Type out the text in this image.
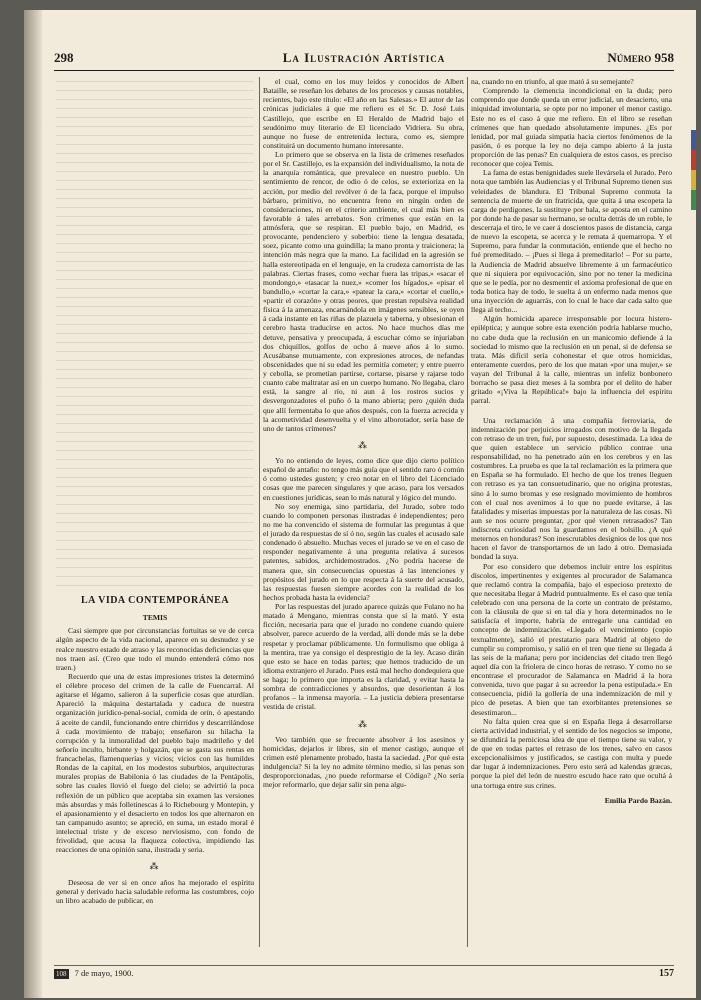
298	La Ilustración Artística	Número 958
LA VIDA CONTEMPORÁNEA
TEMIS

Casi siempre que por circunstancias fortuitas se ve de cerca algún aspecto de la vida nacional, aparece en su desnudez y se realce nuestro estado de atraso y las reconocidas deficiencias que nos traen así. (Creo que todo el mundo entenderá cómo nos traen.)

Recuerdo que una de estas impresiones tristes la determinó el célebre proceso del crimen de la calle de Fuencarral. Al agitarse el légamo, salieron á la superficie cosas que aturdían. Apareció la máquina destartalada y caduca de nuestra organización jurídico-penal-social, comida de orín, ó apestando á aceite de candil, funcionando entre chirridos y descarrilándose á cada movimiento de trabajo; enseñaron su hilacha la corrupción y la inmoralidad del pueblo bajo madrileño y del señorío inculto, birbante y holgazán, que se gasta sus rentas en francachelas, flamenquerías y vicios; vicios con las humildes Rondas de la capital, en los modestos suburbios, arquitecturas murales propias de Babilonia ó las ciudades de la Pentápolis, sobre las cuales llovió el fuego del cielo; se advirtió la poca reflexión de un público que aceptaba sin examen las versiones más absurdas y más folletinescas á lo Richebourg y Montepin, y el apasionamiento y el desacierto en todos los que alternaron en tan campanudo asunto; se apreció, en suma, un estado moral é intelectual triste y de exceso nerviosismo, con fondo de frivolidad, que acusa la flaqueza colectiva, impidiendo las reacciones de una opinión sana, ilustrada y seria.

⁂

Deseosa de ver si en once años ha mejorado el espíritu general y derivado hacia saludable reforma las costumbres, cojo un libro acabado de publicar, en

el cual, como en los muy leídos y conocidos de Albert Bataille, se reseñan los debates de los procesos y causas notables, recientes, bajo este título: «El año en las Salesas.» El autor de las crónicas judiciales á que me refiero es el Sr. D. José Luis Castillejo, que escribe en El Heraldo de Madrid bajo el seudónimo muy literario de El licenciado Vidriera. Su obra, aunque no fuese de entretenida lectura, como es, siempre constituirá un documento humano interesante.

Lo primero que se observa en la lista de crímenes reseñados por el Sr. Castillejo, es la expansión del individualismo, la nota de la anarquía romántica, que prevalece en nuestro pueblo. Un sentimiento de rencor, de odio ó de celos, se exterioriza en la acción, por medio del revólver ó de la faca, porque el impulso bárbaro, primitivo, no encuentra freno en ningún orden de consideraciones, ni en el criterio ambiente, el cual más bien es favorable á tales arrebatos. Son crímenes que están en la atmósfera, que se respiran. El pueblo bajo, en Madrid, es provocante, pendenciero y soberbio: tiene la lengua desatada, soez, picante como una guindilla; la mano pronta y traicionera; la intención más negra que la mano. La facilidad en la agresión se halla estereotipada en el lenguaje, en la crudeza camorrista de las palabras. Ciertas frases, como «echar fuera las tripas,» «sacar el mondongo,» «tasacar la nuez,» «comer los hígados,» «pisar el bandullo,» «cortar la cara,» «patear la cara,» «cortar el cuello,» «partir el corazón» y otras peores, que prestan repulsiva realidad física á la amenaza, encarnándola en imágenes sensibles, se oyen á cada instante en las riñas de plazuela y taberna, y obsesionan el cerebro hasta traducirse en actos. No hace muchos días me detuve, pensativa y preocupada, á escuchar cómo se injuriaban dos chiquillos, golfos de ocho á nueve años á lo sumo. Acusábanse mutuamente, con expresiones atroces, de nefandas obscenidades que ni su edad les permitía cometer; y entre puerro y cebolla, se prometían partirse, cortarse, pisarse y rajarse todo cuanto cabe maltratar así en un cuerpo humano. No llegaba, claro está, la sangre al río, ni aun á los rostros sucios y desvergonzadotes el puño ó la mano abierta; pero ¿quién duda que allí fermentaba lo que años después, con la fuerza acrecida y la acometividad desenvuelta y el vino alborotador, sería base de uno de tantos crímenes?

⁂

Yo no entiendo de leyes, como dice que dijo cierto político español de antaño: no tengo más guía que el sentido raro ó común ó como ustedes gusten; y creo notar en el libro del Licenciado cosas que me parecen singulares y que acaso, para los versados en cuestiones jurídicas, sean lo más natural y lógico del mundo.

No soy enemiga, sino partidaria, del Jurado, sobre todo cuando lo componen personas ilustradas é independientes; pero no me ha convencido el sistema de formular las preguntas á que el jurado da respuestas de sí ó no, según las cuales el acusado sale condenado ó absuelto. Muchas veces el jurado se ve en el caso de responder negativamente á una pregunta relativa á sucesos patentes, sabidos, archidemostrados. ¿No podría hacerse de manera que, sin consecuencias opuestas á las intenciones y propósitos del jurado en lo que respecta á la suerte del acusado, las respuestas fuesen siempre acordes con la realidad de los hechos probada hasta la evidencia?

Por las respuestas del jurado aparece quizás que Fulano no ha matado á Mengano, mientras consta que sí la mató. Y esta ficción, necesaria para que el jurado no condene cuando quiere absolver, parece acuerdo de la verdad, allí donde más se la debe respetar y proclamar públicamente. Un formulismo que obliga á la mentira, trae ya consigo el desprestigio de la ley. Acaso dirán que esto se hace en todas partes; que hemos traducido de un idioma extranjero el Jurado. Pues está mal hecho dondequiera que se haga; lo primero que importa es la claridad, y evitar hasta la sombra de contradicciones y absurdos, que desorientan á los profanos – la inmensa mayoría. – La justicia debiera presentarse vestida de cristal.

⁂

Veo también que se frecuente absolver á los asesinos y homicidas, dejarlos ir libres, sin el menor castigo, aunque el crimen esté plenamente probado, hasta la saciedad. ¿Por qué esta indulgencia? Si la ley no admite término medio, si las penas son desproporcionadas, ¿no puede reformarse el Código? ¿No sería mejor reformarlo, que dejar salir sin pena algu-

na, cuando no en triunfo, al que mató á su semejante?

Comprendo la clemencia incondicional en la duda; pero comprendo que donde queda un error judicial, un desacierto, una iniquidad involuntaria, se opte por no imponer el menor castigo. Este no es el caso á que me refiero. En el libro se reseñan crímenes que han quedado absolutamente impunes. ¿Es por lenidad, por mal guiada simpatía hacia ciertos fenómenos de la pasión, ó es porque la ley no deja campo abierto á la justa proporción de las penas? En cualquiera de estos casos, es preciso reconocer que cojea Temis.

La fama de estas benignidades suele llevársela el Jurado. Pero nota que también las Audiencias y el Tribunal Supremo tienen sus veleidades de blandura. El Tribunal Supremo conmuta la sentencia de muerte de un fratricida, que quita á una escopeta la carga de perdigones, la sustituye por bala, se aposta en el camino por donde ha de pasar su hermano, se oculta detrás de un roble, le descerraja el tiro, le ve caer á doscientos pasos de distancia, carga de nuevo la escopeta, se acerca y le remata á quemarropa. Y el Supremo, para fundar la conmutación, entiende que el hecho no fué premeditado. – ¡Pues si llega á premeditarlo! – Por su parte, la Audiencia de Madrid absuelve libremente á un farmacéutico que ni siquiera por equivocación, sino por no tener la medicina que se le pedía, por no desmentir el axioma profesional de que en toda botica hay de todo, le suelta á un enfermo nada menos que una inyección de aguarrás, con lo cual le hace dar cada salto que llega al techo...

Algún homicida aparece irresponsable por locura histero-epiléptica; y aunque sobre esta exención podría hablarse mucho, no cabe duda que la reclusión en un manicomio defiende á la sociedad lo mismo que la reclusión en un penal, si de defensa se trata. Más difícil sería cohonestar el que otros homicidas, enteramente cuerdos, pero de los que matan «por una mujer,» se vayan del Tribunal á la calle, mientras un infeliz bonbonero borracho se pasa diez meses á la sombra por el delito de haber gritado «¡Viva la República!» bajo la influencia del espíritu parral.

Una reclamación á una compañía ferroviaria, de indemnización por perjuicios irrogados con motivo de la llegada con retraso de un tren, fué, por supuesto, desestimada. La idea de que quien establece un servicio público contrae una responsabilidad, no ha penetrado aún en los cerebros y en las costumbres. La prueba es que la tal reclamación es la primera que en España se ha formulado. El hecho de que los trenes lleguen con retraso es ya tan consuetudinario, que no origina protestas, sino á lo sumo bromas y ese resignado movimiento de hombros con el cual nos avenimos á lo que no puede evitarse, á las fatalidades y miserias impuestas por la naturaleza de las cosas. Ni aun se nos ocurre preguntar, ¿por qué vienen retrasados? Tan indiscreta curiosidad nos la guardamos en el bolsillo. ¿A qué meternos en honduras? Son inescrutables designios de los que nos hacen el favor de transportarnos de un lado á otro. Demasiada bondad la suya.

Por eso considero que debemos incluir entre los espíritus díscolos, impertinentes y exigentes al procurador de Salamanca que reclamó contra la compañía, bajo el especioso pretexto de que necesitaba llegar á Madrid puntualmente. Es el caso que tenía celebrado con una persona de la corte un contrato de préstamo, con la cláusula de que si en tal día y hora determinados no le satisfacía el importe, habría de entregarle una cantidad en concepto de indemnización. «Llegado el vencimiento (copio textualmente), salió el prestatario para Madrid al objeto de cumplir su compromiso, y salió en el tren que tiene su llegada á las seis de la mañana; pero por incidencias del citado tren llegó aquel día con la friolera de cinco horas de retraso. Y como no se encontrase el procurador de Salamanca en Madrid á la hora convenida, tuvo que pagar á su acreedor la pena estipulada.» En consecuencia, pidió la gollería de una indemnización de mil y pico de pesetas. A bien que tan exorbitantes pretensiones se desestimaron...

No falta quien crea que si en España llega á desarrollarse cierta actividad industrial, y el sentido de los negocios se impone, se difundirá la perniciosa idea de que el tiempo tiene su valor, y de que en todas partes el retraso de los trenes, salvo en casos excepcionalísimos y justificados, se castiga con multa y puede dar lugar á indemnizaciones. Pero esto será ad kalendas græcas, porque la piel del león de nuestro escudo hace rato que ocultá á una tortuga entre sus crines.

Emilia Pardo Bazán.
108 7 de mayo, 1900.	157
